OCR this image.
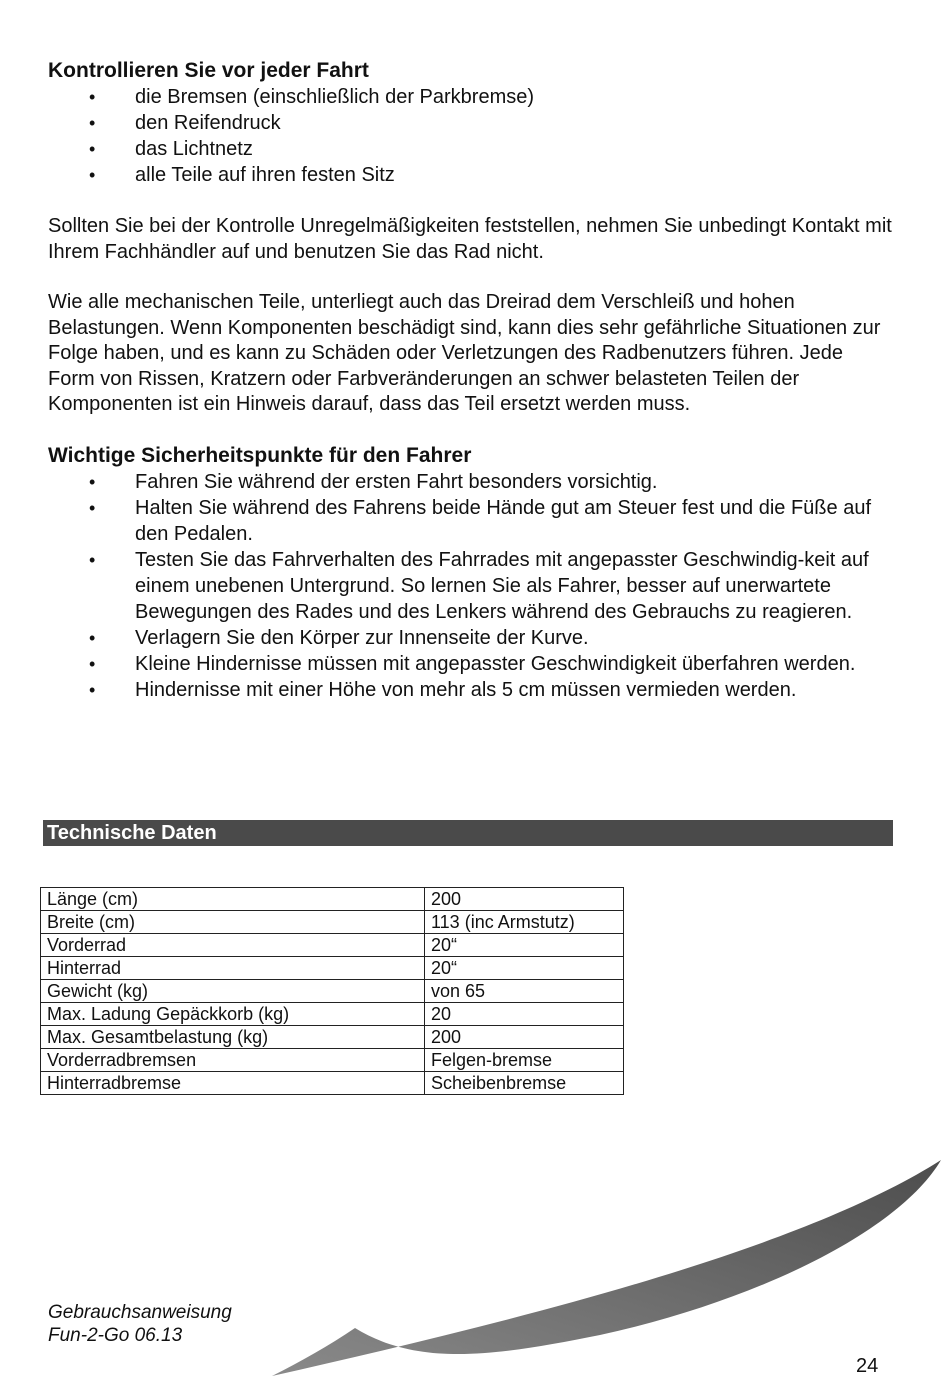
Kontrollieren Sie vor jeder Fahrt

• die Bremsen (einschließlich der Parkbremse)
• den Reifendruck
• das Lichtnetz
• alle Teile auf ihren festen Sitz

Sollten Sie bei der Kontrolle Unregelmäßigkeiten feststellen, nehmen Sie unbedingt Kontakt mit Ihrem Fachhändler auf und benutzen Sie das Rad nicht.

Wie alle mechanischen Teile, unterliegt auch das Dreirad dem Verschleiß und hohen Belastungen. Wenn Komponenten beschädigt sind, kann dies sehr gefährliche Situationen zur Folge haben, und es kann zu Schäden oder Verletzungen des Radbenutzers führen. Jede Form von Rissen, Kratzern oder Farbveränderungen an schwer belasteten Teilen der Komponenten ist ein Hinweis darauf, dass das Teil ersetzt werden muss.

Wichtige Sicherheitspunkte für den Fahrer

• Fahren Sie während der ersten Fahrt besonders vorsichtig.
• Halten Sie während des Fahrens beide Hände gut am Steuer fest und die Füße auf den Pedalen.
• Testen Sie das Fahrverhalten des Fahrrades mit angepasster Geschwindig-keit auf einem unebenen Untergrund. So lernen Sie als Fahrer, besser auf unerwartete Bewegungen des Rades und des Lenkers während des Gebrauchs zu reagieren.
• Verlagern Sie den Körper zur Innenseite der Kurve.
• Kleine Hindernisse müssen mit angepasster Geschwindigkeit überfahren werden.
• Hindernisse mit einer Höhe von mehr als 5 cm müssen vermieden werden.
Technische Daten
Länge (cm)	200
Breite (cm)	113 (inc Armstutz)
Vorderrad	20“
Hinterrad	20“
Gewicht (kg)	von 65
Max. Ladung Gepäckkorb (kg)	20
Max. Gesamtbelastung (kg)	200
Vorderradbremsen	Felgen-bremse
Hinterradbremse	Scheibenbremse
Gebrauchsanweisung
Fun-2-Go 06.13
24
